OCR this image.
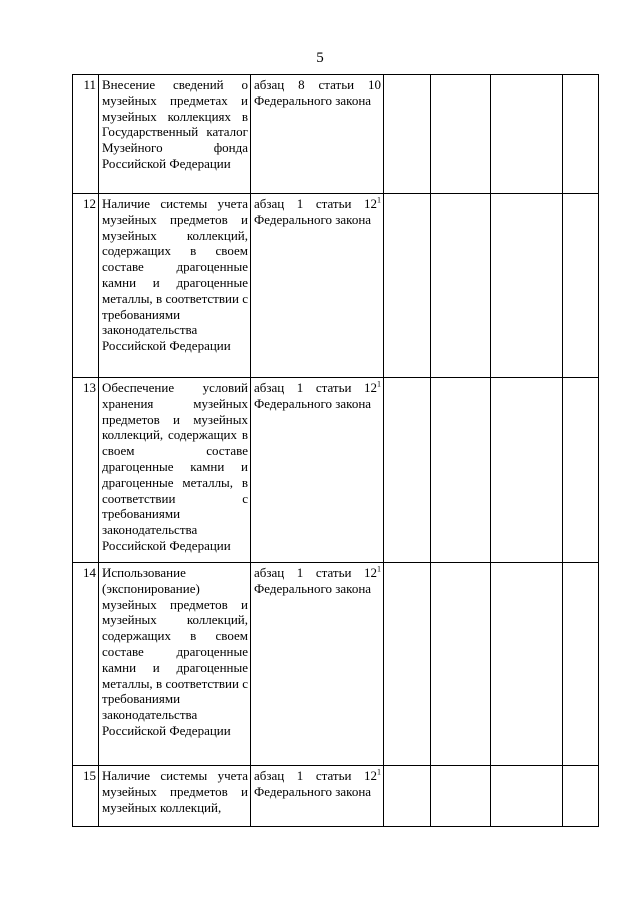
5
11	Внесение сведений о музейных предметах и музейных коллекциях в Государственный каталог Музейного фонда Российской Федерации	абзац 8 статьи 10 Федерального закона				
12	Наличие системы учета музейных предметов и музейных коллекций, содержащих в своем составе драгоценные камни и драгоценные металлы, в соответствии с требованиями законодательства Российской Федерации	абзац 1 статьи $12^1$ Федерального закона				
13	Обеспечение условий хранения музейных предметов и музейных коллекций, содержащих в своем составе драгоценные камни и драгоценные металлы, в соответствии с требованиями законодательства Российской Федерации	абзац 1 статьи $12^1$ Федерального закона				
14	Использование (экспонирование) музейных предметов и музейных коллекций, содержащих в своем составе драгоценные камни и драгоценные металлы, в соответствии с требованиями законодательства Российской Федерации	абзац 1 статьи $12^1$ Федерального закона				
15	Наличие системы учета музейных предметов и музейных коллекций,	абзац 1 статьи $12^1$ Федерального закона				
